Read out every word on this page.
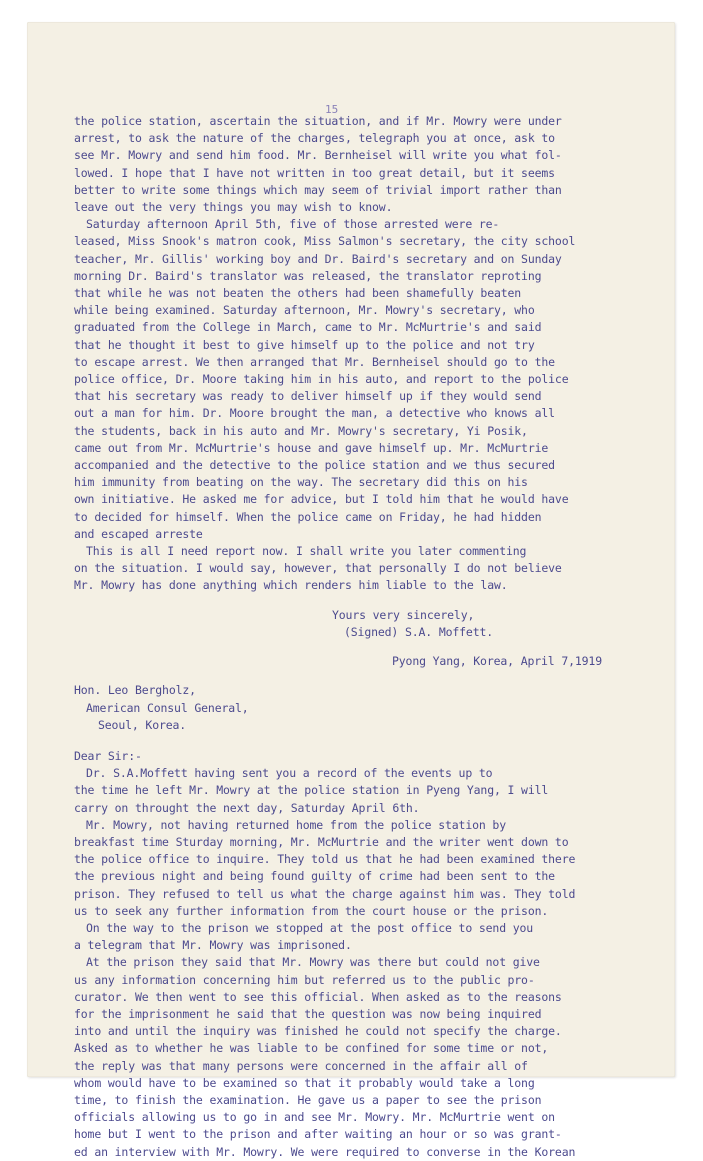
15

the police station, ascertain the situation, and if Mr. Mowry were under

arrest, to ask the nature of the charges, telegraph you at once, ask to

see Mr. Mowry and send him food. Mr. Bernheisel will write you what fol-

lowed. I hope that I have not written in too great detail, but it seems

better to write some things which may seem of trivial import rather than

leave out the very things you may wish to know.

Saturday afternoon April 5th, five of those arrested were re-

leased, Miss Snook's matron cook, Miss Salmon's secretary, the city school

teacher, Mr. Gillis' working boy and Dr. Baird's secretary and on Sunday

morning Dr. Baird's translator was released, the translator reproting

that while he was not beaten the others had been shamefully beaten

while being examined. Saturday afternoon, Mr. Mowry's secretary, who

graduated from the College in March, came to Mr. McMurtrie's and said

that he thought it best to give himself up to the police and not try

to escape arrest. We then arranged that Mr. Bernheisel should go to the

police office, Dr. Moore taking him in his auto, and report to the police

that his secretary was ready to deliver himself up if they would send

out a man for him. Dr. Moore brought the man, a detective who knows all

the students, back in his auto and Mr. Mowry's secretary, Yi Posik,

came out from Mr. McMurtrie's house and gave himself up. Mr. McMurtrie

accompanied and the detective to the police station and we thus secured

him immunity from beating on the way. The secretary did this on his

own initiative. He asked me for advice, but I told him that he would have

to decided for himself. When the police came on Friday, he had hidden

and escaped arreste

This is all I need report now. I shall write you later commenting

on the situation. I would say, however, that personally I do not believe

Mr. Mowry has done anything which renders him liable to the law.

Yours very sincerely,

(Signed) S.A. Moffett.

Pyong Yang, Korea, April 7,1919

Hon. Leo Bergholz,

American Consul General,

Seoul, Korea.

Dear Sir:-

Dr. S.A.Moffett having sent you a record of the events up to

the time he left Mr. Mowry at the police station in Pyeng Yang, I will

carry on throught the next day, Saturday April 6th.

Mr. Mowry, not having returned home from the police station by

breakfast time Sturday morning, Mr. McMurtrie and the writer went down to

the police office to inquire. They told us that he had been examined there

the previous night and being found guilty of crime had been sent to the

prison. They refused to tell us what the charge against him was. They told

us to seek any further information from the court house or the prison.

On the way to the prison we stopped at the post office to send you

a telegram that Mr. Mowry was imprisoned.

At the prison they said that Mr. Mowry was there but could not give

us any information concerning him but referred us to the public pro-

curator. We then went to see this official. When asked as to the reasons

for the imprisonment he said that the question was now being inquired

into and until the inquiry was finished he could not specify the charge.

Asked as to whether he was liable to be confined for some time or not,

the reply was that many persons were concerned in the affair all of

whom would have to be examined so that it probably would take a long

time, to finish the examination. He gave us a paper to see the prison

officials allowing us to go in and see Mr. Mowry. Mr. McMurtrie went on

home but I went to the prison and after waiting an hour or so was grant-

ed an interview with Mr. Mowry. We were required to converse in the Korean
